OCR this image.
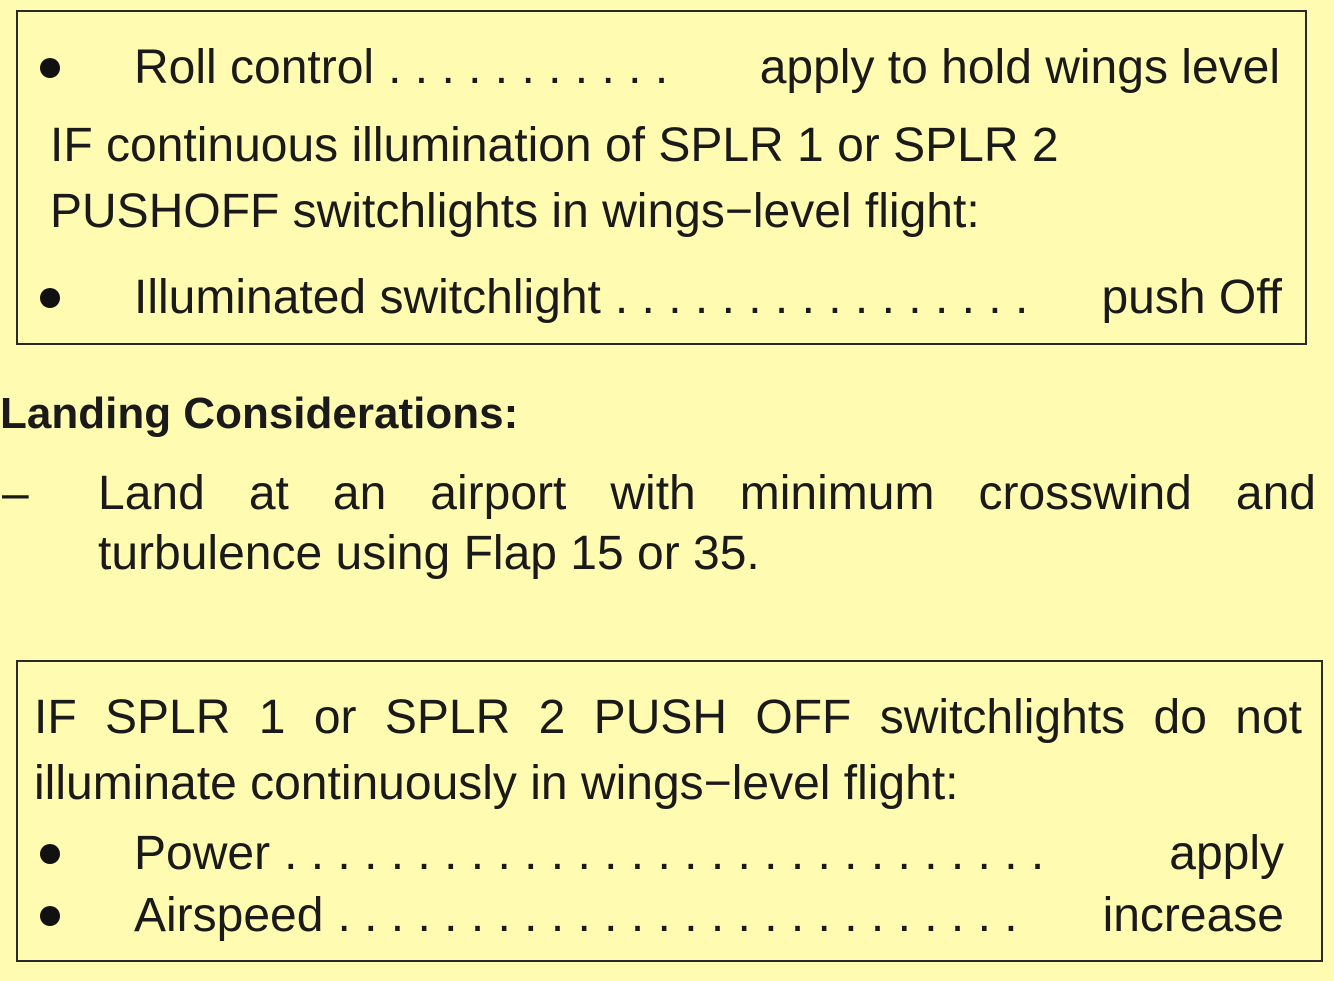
Roll control . . . . . . . . . . .	apply to hold wings level
IF continuous illumination of SPLR 1 or SPLR 2
PUSHOFF switchlights in wings−level flight:
Illuminated switchlight . . . . . . . . . . . . . . . .	push Off
Landing Considerations:
– Land at an airport with minimum crosswind and
turbulence using Flap 15 or 35.
IF SPLR 1 or SPLR 2 PUSH OFF switchlights do not
illuminate continuously in wings−level flight:
Power . . . . . . . . . . . . . . . . . . . . . . . . . . . . .	apply
Airspeed . . . . . . . . . . . . . . . . . . . . . . . . . .	increase
